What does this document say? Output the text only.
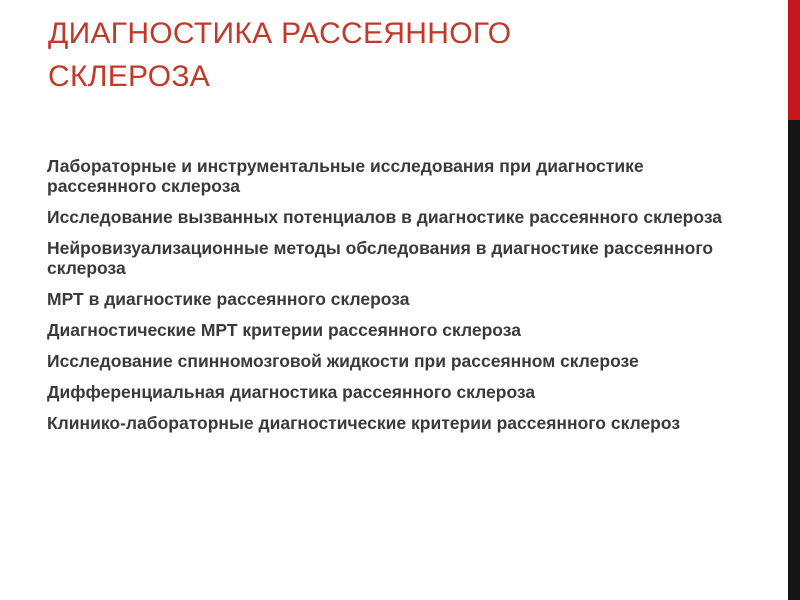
ДИАГНОСТИКА РАССЕЯННОГО
СКЛЕРОЗА
Лабораторные и инструментальные исследования при диагностике рассеянного склероза
Исследование вызванных потенциалов в диагностике рассеянного склероза
Нейровизуализационные методы обследования в диагностике рассеянного склероза
МРТ в диагностике рассеянного склероза
Диагностические МРТ критерии рассеянного склероза
Исследование спинномозговой жидкости при рассеянном склерозе
Дифференциальная диагностика рассеянного склероза
Клинико-лабораторные диагностические критерии рассеянного склероз
